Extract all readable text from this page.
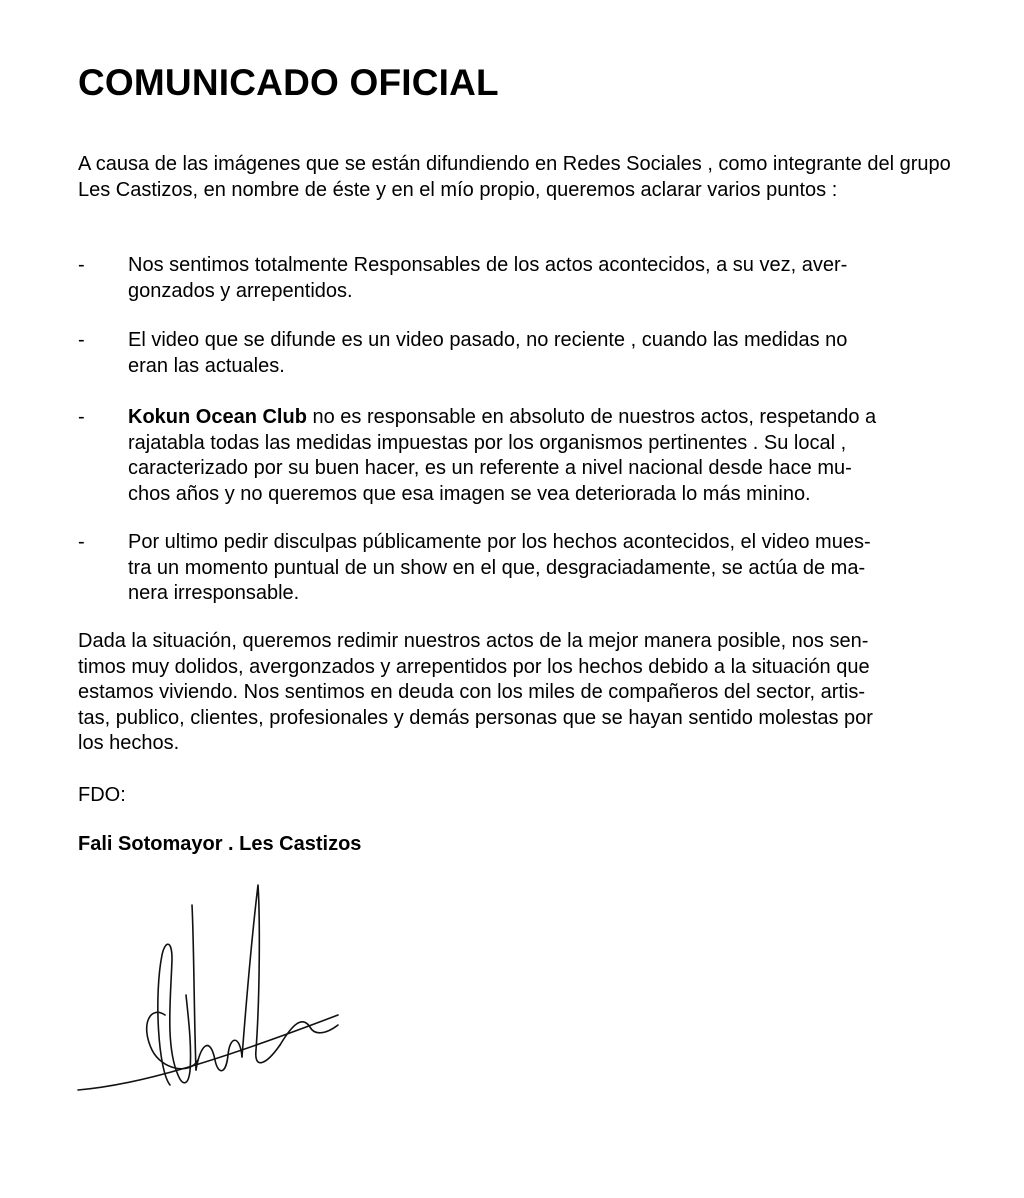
COMUNICADO OFICIAL

A causa de las imágenes que se están difundiendo en Redes Sociales , como integrante del grupo Les Castizos, en nombre de éste y en el mío propio, queremos aclarar varios puntos :

-	Nos sentimos totalmente Responsables de los actos acontecidos, a su vez, aver-
gonzados y arrepentidos.
-	El video que se difunde es un video pasado, no reciente , cuando las medidas no
eran las actuales.
-	Kokun Ocean Club no es responsable en absoluto de nuestros actos, respetando a
rajatabla todas las medidas impuestas por los organismos pertinentes . Su local ,
caracterizado por su buen hacer, es un referente a nivel nacional desde hace mu-
chos años y no queremos que esa imagen se vea deteriorada lo más minino.
-	Por ultimo pedir disculpas públicamente por los hechos acontecidos, el video mues-
tra un momento puntual de un show en el que, desgraciadamente, se actúa de ma-
nera irresponsable.

Dada la situación, queremos redimir nuestros actos de la mejor manera posible, nos sen-
timos muy dolidos, avergonzados y arrepentidos por los hechos debido a la situación que
estamos viviendo. Nos sentimos en deuda con los miles de compañeros del sector, artis-
tas, publico, clientes, profesionales y demás personas que se hayan sentido molestas por
los hechos.

FDO:

Fali Sotomayor . Les Castizos
